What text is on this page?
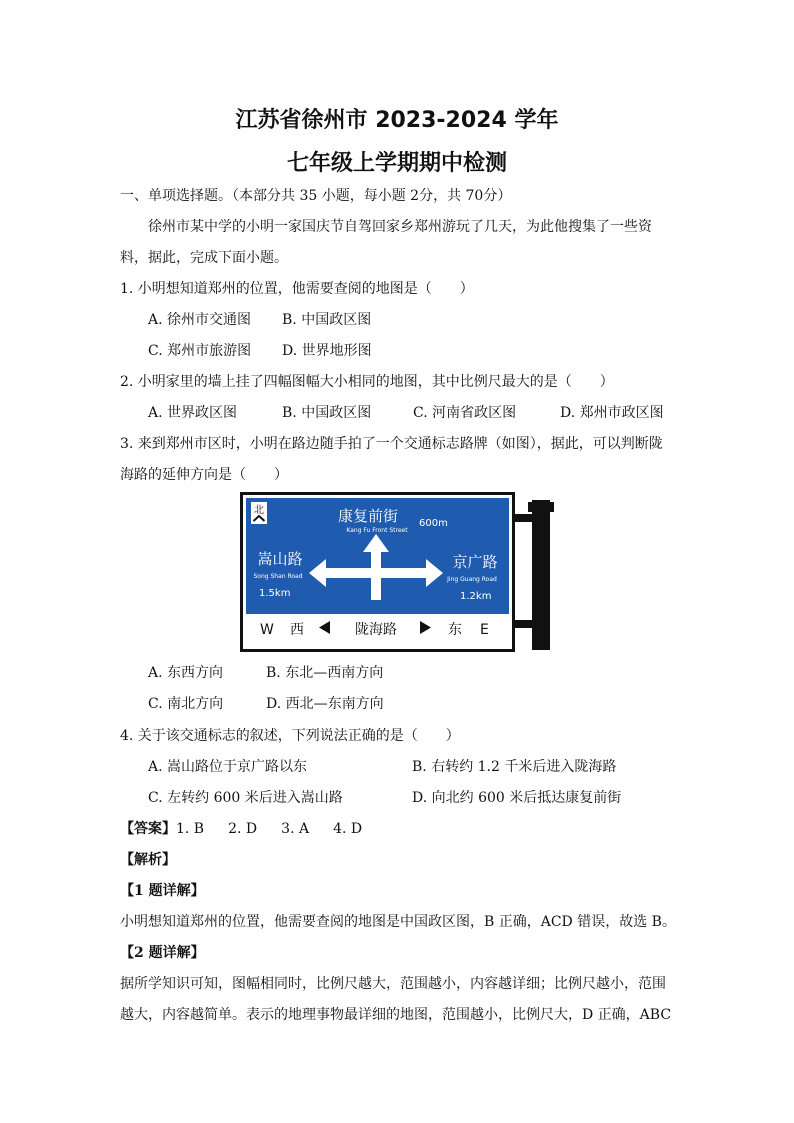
江苏省徐州市 2023-2024 学年
七年级上学期期中检测
一、单项选择题。（本部分共 35 小题，每小题 2分，共 70分）
徐州市某中学的小明一家国庆节自驾回家乡郑州游玩了几天，为此他搜集了一些资
料，据此，完成下面小题。
1. 小明想知道郑州的位置，他需要查阅的地图是（　　）
A. 徐州市交通图 B. 中国政区图
C. 郑州市旅游图 D. 世界地形图
2. 小明家里的墙上挂了四幅图幅大小相同的地图，其中比例尺最大的是（　　）
A. 世界政区图	B. 中国政区图	C. 河南省政区图	D. 郑州市政区图
3. 来到郑州市区时，小明在路边随手拍了一个交通标志路牌（如图），据此，可以判断陇
海路的延伸方向是（　　）
北	康复前街
Kang Fu Front Street
600m
嵩山路
Song Shan Road
1.5km
京广路
Jing Guang Road
1.2km
W 西	陇海路	东 E
A. 东西方向	B. 东北—西南方向
C. 南北方向	D. 西北—东南方向
4. 关于该交通标志的叙述，下列说法正确的是（　　）
A. 嵩山路位于京广路以东	B. 右转约 1.2 千米后进入陇海路
C. 左转约 600 米后进入嵩山路	D. 向北约 600 米后抵达康复前街
【答案】1. B 2. D 3. A 4. D
【解析】
【1 题详解】
小明想知道郑州的位置，他需要查阅的地图是中国政区图，B 正确，ACD 错误，故选 B。
【2 题详解】
据所学知识可知，图幅相同时，比例尺越大，范围越小，内容越详细；比例尺越小，范围
越大，内容越简单。表示的地理事物最详细的地图，范围越小，比例尺大，D 正确，ABC
